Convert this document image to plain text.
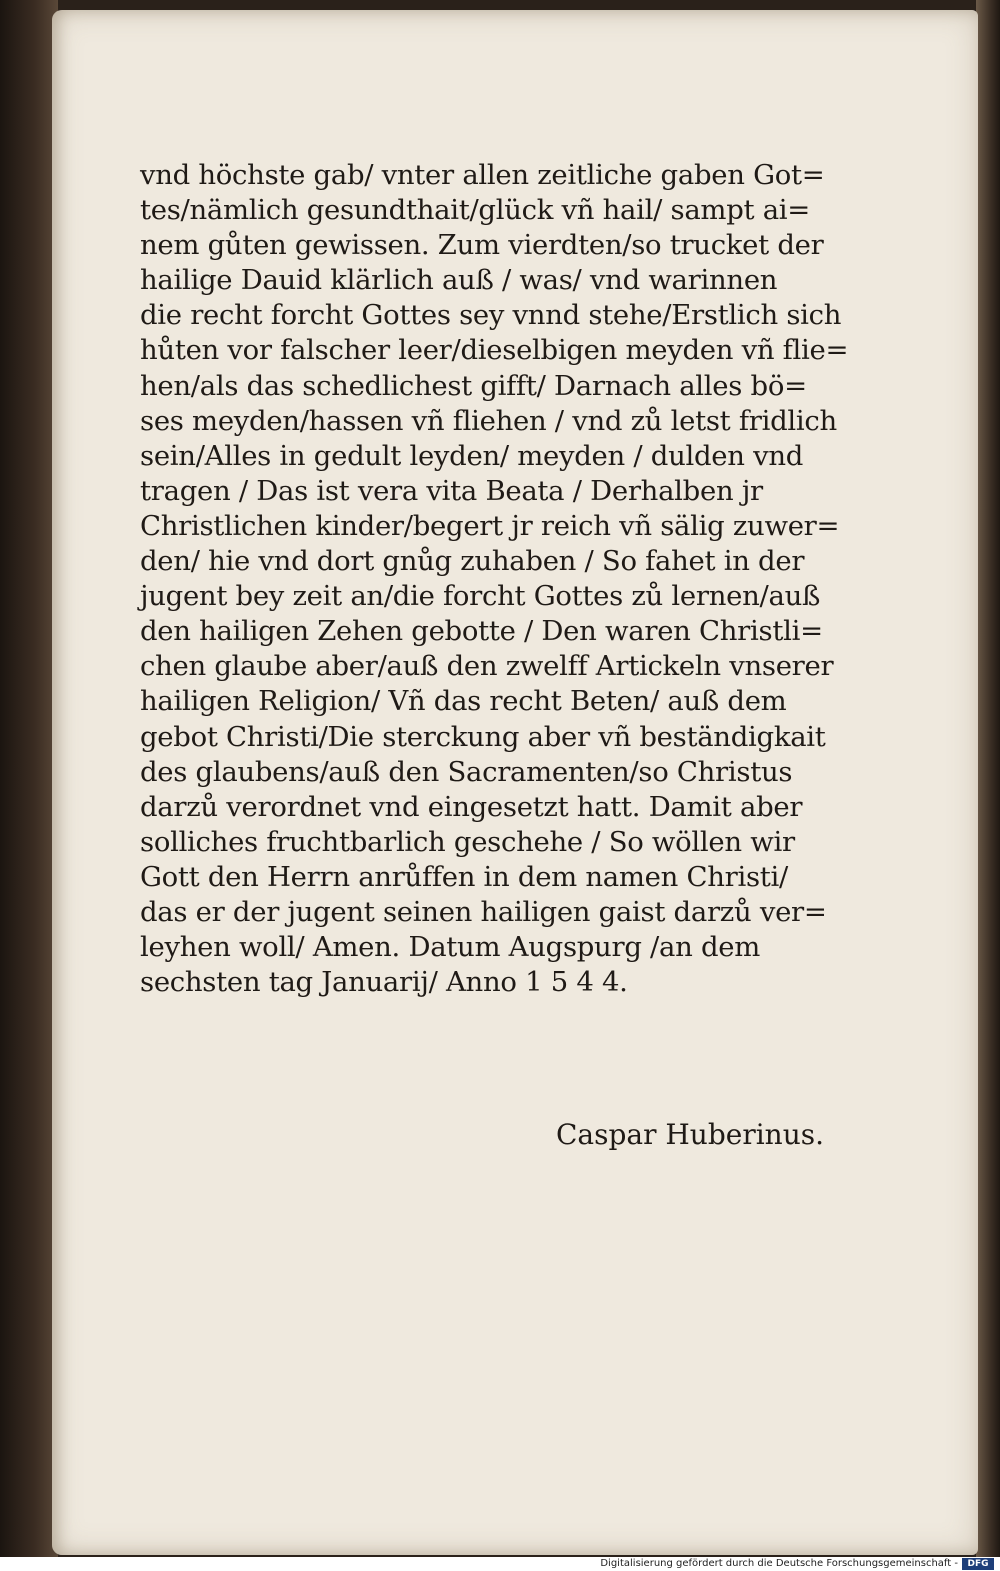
vnd höchste gab/ vnter allen zeitliche gaben Got=
tes/nämlich gesundthait/glück vñ hail/ sampt ai=
nem gůten gewissen. Zum vierdten/so trucket der
hailige Dauid klärlich auß / was/ vnd warinnen
die recht forcht Gottes sey vnnd stehe/Erstlich sich
hůten vor falscher leer/dieselbigen meyden vñ flie=
hen/als das schedlichest gifft/ Darnach alles bö=
ses meyden/hassen vñ fliehen / vnd zů letst fridlich
sein/Alles in gedult leyden/ meyden / dulden vnd
tragen / Das ist vera vita Beata / Derhalben jr
Christlichen kinder/begert jr reich vñ sälig zuwer=
den/ hie vnd dort gnůg zuhaben / So fahet in der
jugent bey zeit an/die forcht Gottes zů lernen/auß
den hailigen Zehen gebotte / Den waren Christli=
chen glaube aber/auß den zwelff Artickeln vnserer
hailigen Religion/ Vñ das recht Beten/ auß dem
gebot Christi/Die sterckung aber vñ beständigkait
des glaubens/auß den Sacramenten/so Christus
darzů verordnet vnd eingesetzt hatt. Damit aber
solliches fruchtbarlich geschehe / So wöllen wir
Gott den Herrn anrůffen in dem namen Christi/
das er der jugent seinen hailigen gaist darzů ver=
leyhen woll/ Amen. Datum Augspurg /an dem
sechsten tag Januarij/ Anno 1 5 4 4.
Caspar Huberinus.
Digitalisierung gefördert durch die Deutsche Forschungsgemeinschaft -	DFG
